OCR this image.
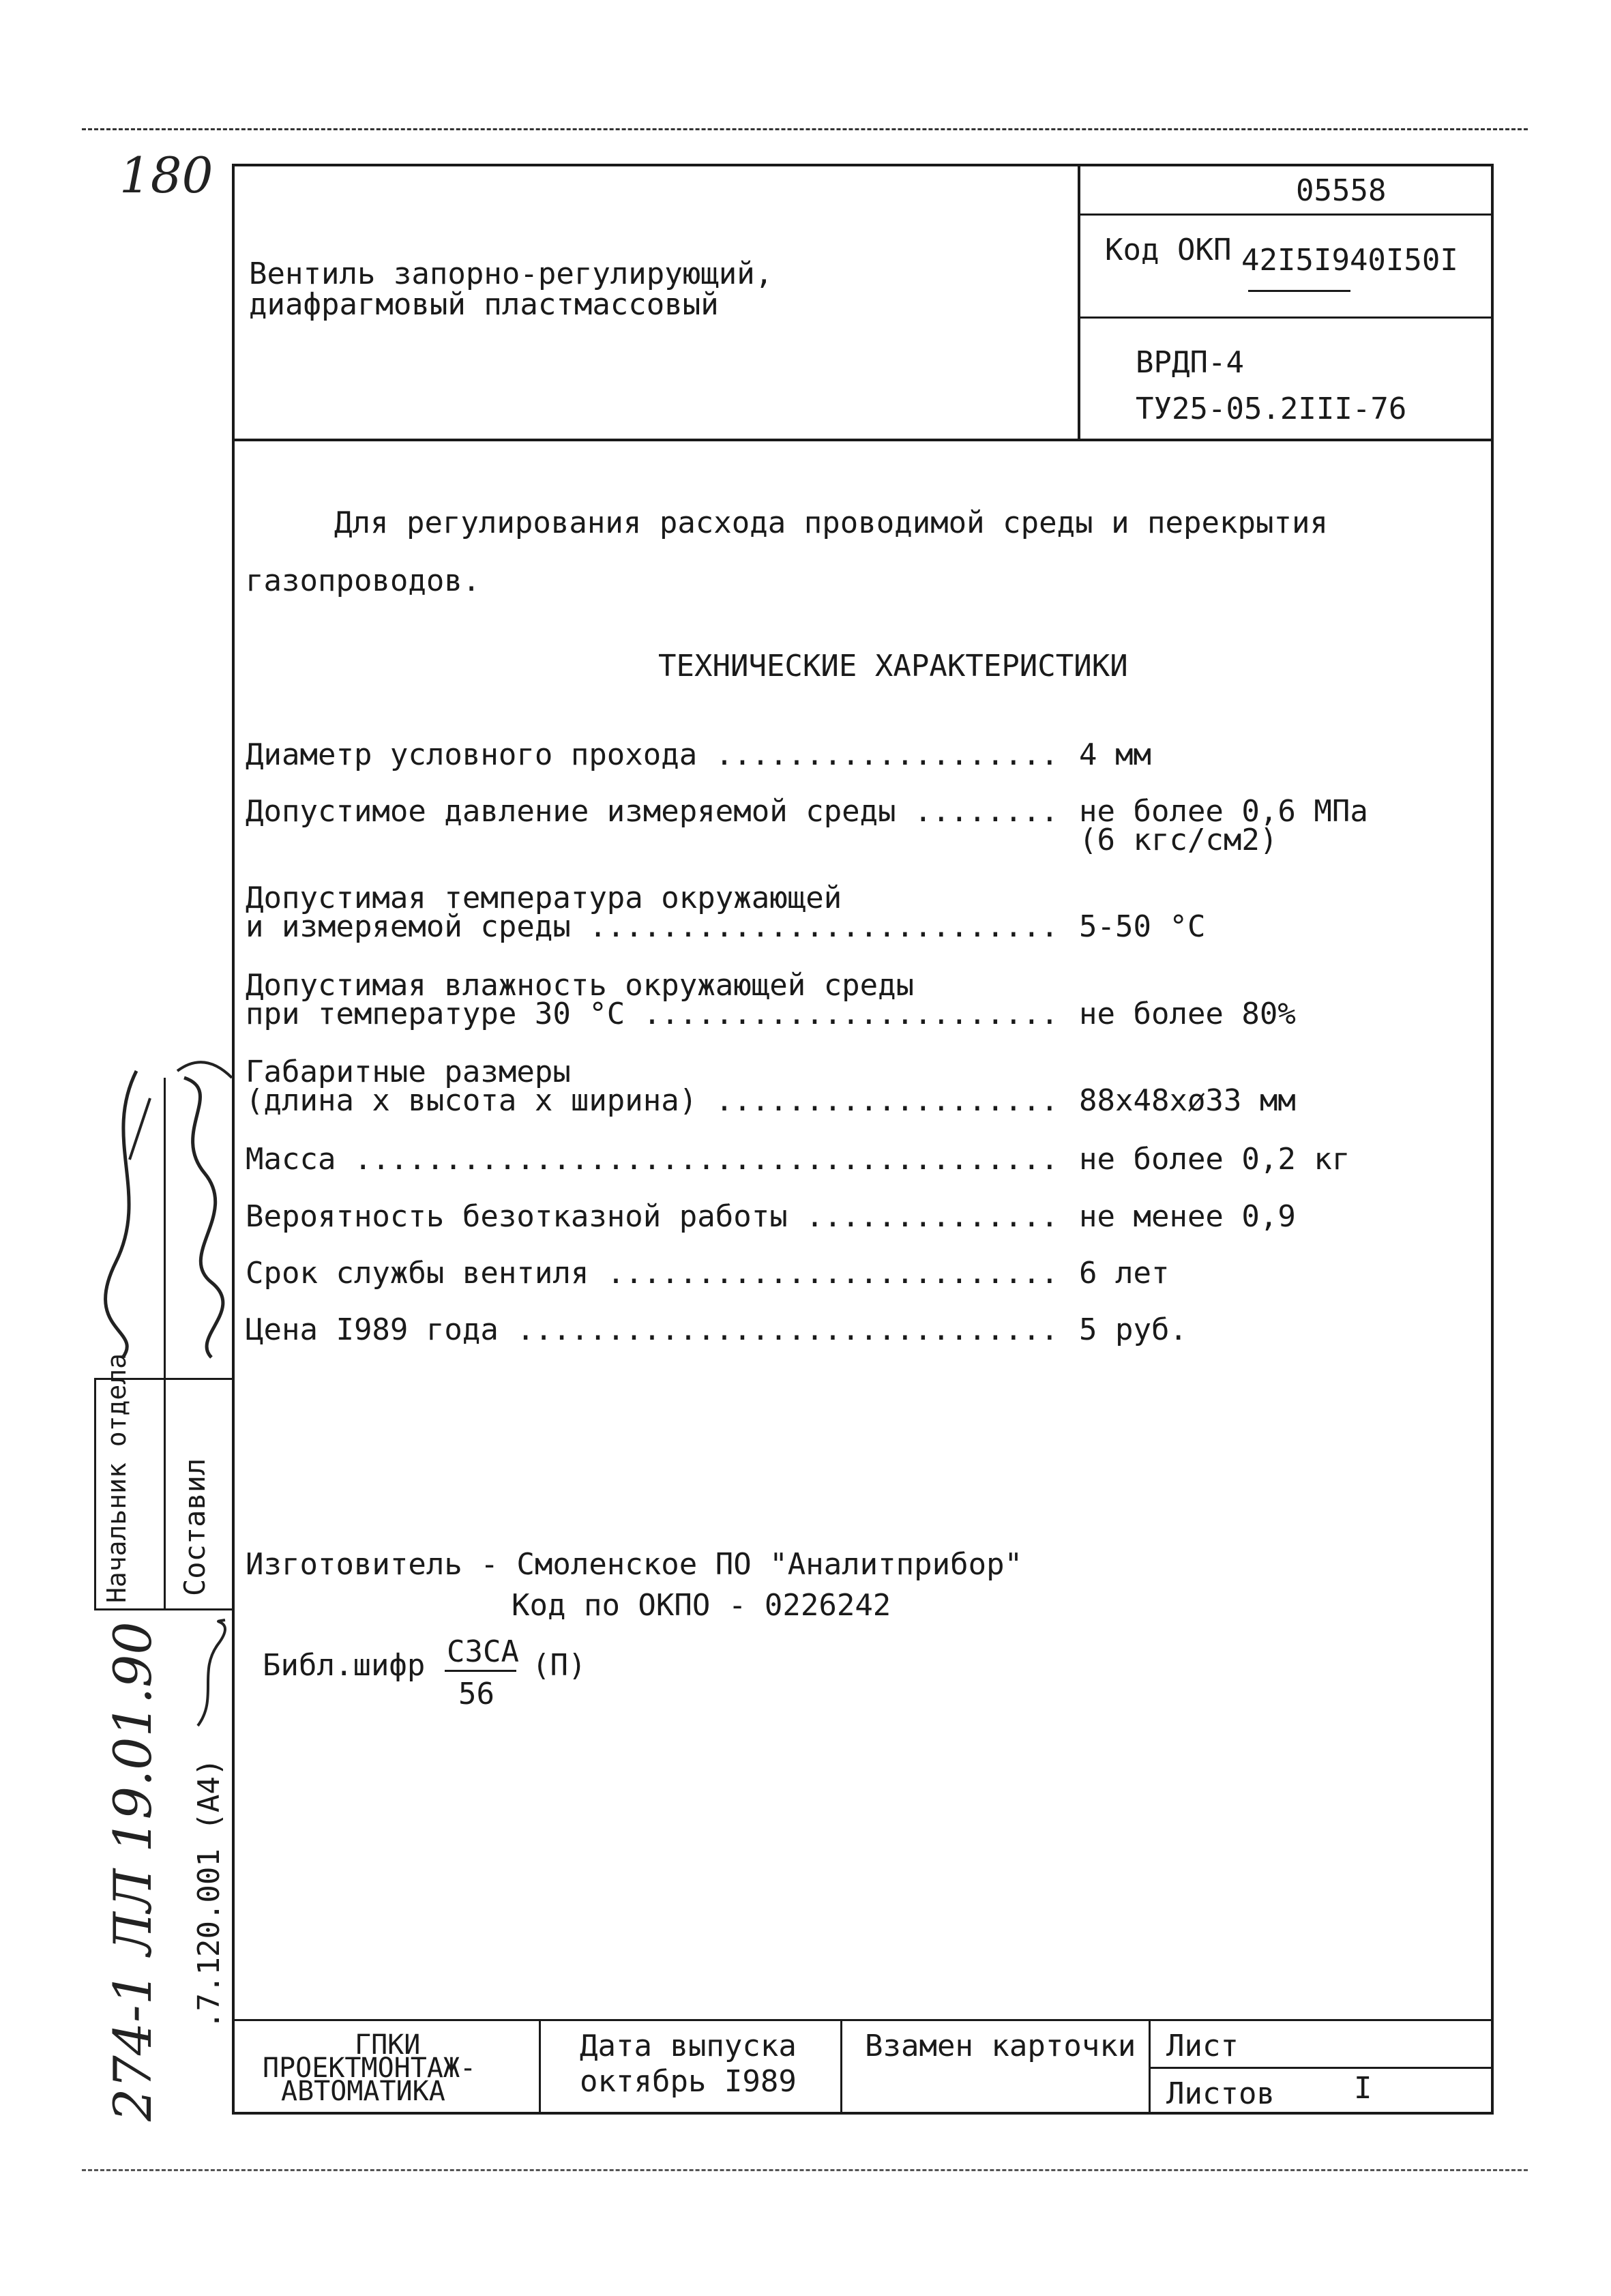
180
Вентиль запорно-регулирующий,
диафрагмовый пластмассовый
05558
Код ОКП 42I5I940I50I
ВРДП-4
ТУ25-05.2III-76
Для регулирования расхода проводимой среды и перекрытия
газопроводов.
ТЕХНИЧЕСКИЕ ХАРАКТЕРИСТИКИ
Диаметр условного прохода ................... 4 мм
Допустимое давление измеряемой среды ........ не более 0,6 МПа
(6 кгс/см2)
Допустимая температура окружающей
и измеряемой среды .......................... 5-50 °С
Допустимая влажность окружающей среды
при температуре 30 °С ....................... не более 80%
Габаритные размеры
(длина х высота х ширина) ................... 88x48xø33 мм
Масса ....................................... не более 0,2 кг
Вероятность безотказной работы .............. не менее 0,9
Срок службы вентиля ......................... 6 лет
Цена I989 года .............................. 5 руб.
Изготовитель - Смоленское ПО "Аналитприбор"
Код по ОКПО - 0226242
Библ.шифр СЗСА
56
(П)
Начальник отдела Составил
.7.120.001 (А4)
274-1 ЛЛ 19.01.90	ГПКИ
ПРОЕКТМОНТАЖ-
АВТОМАТИКА
Дата выпуска
октябрь I989
Взамен карточки Лист
Листов	I
